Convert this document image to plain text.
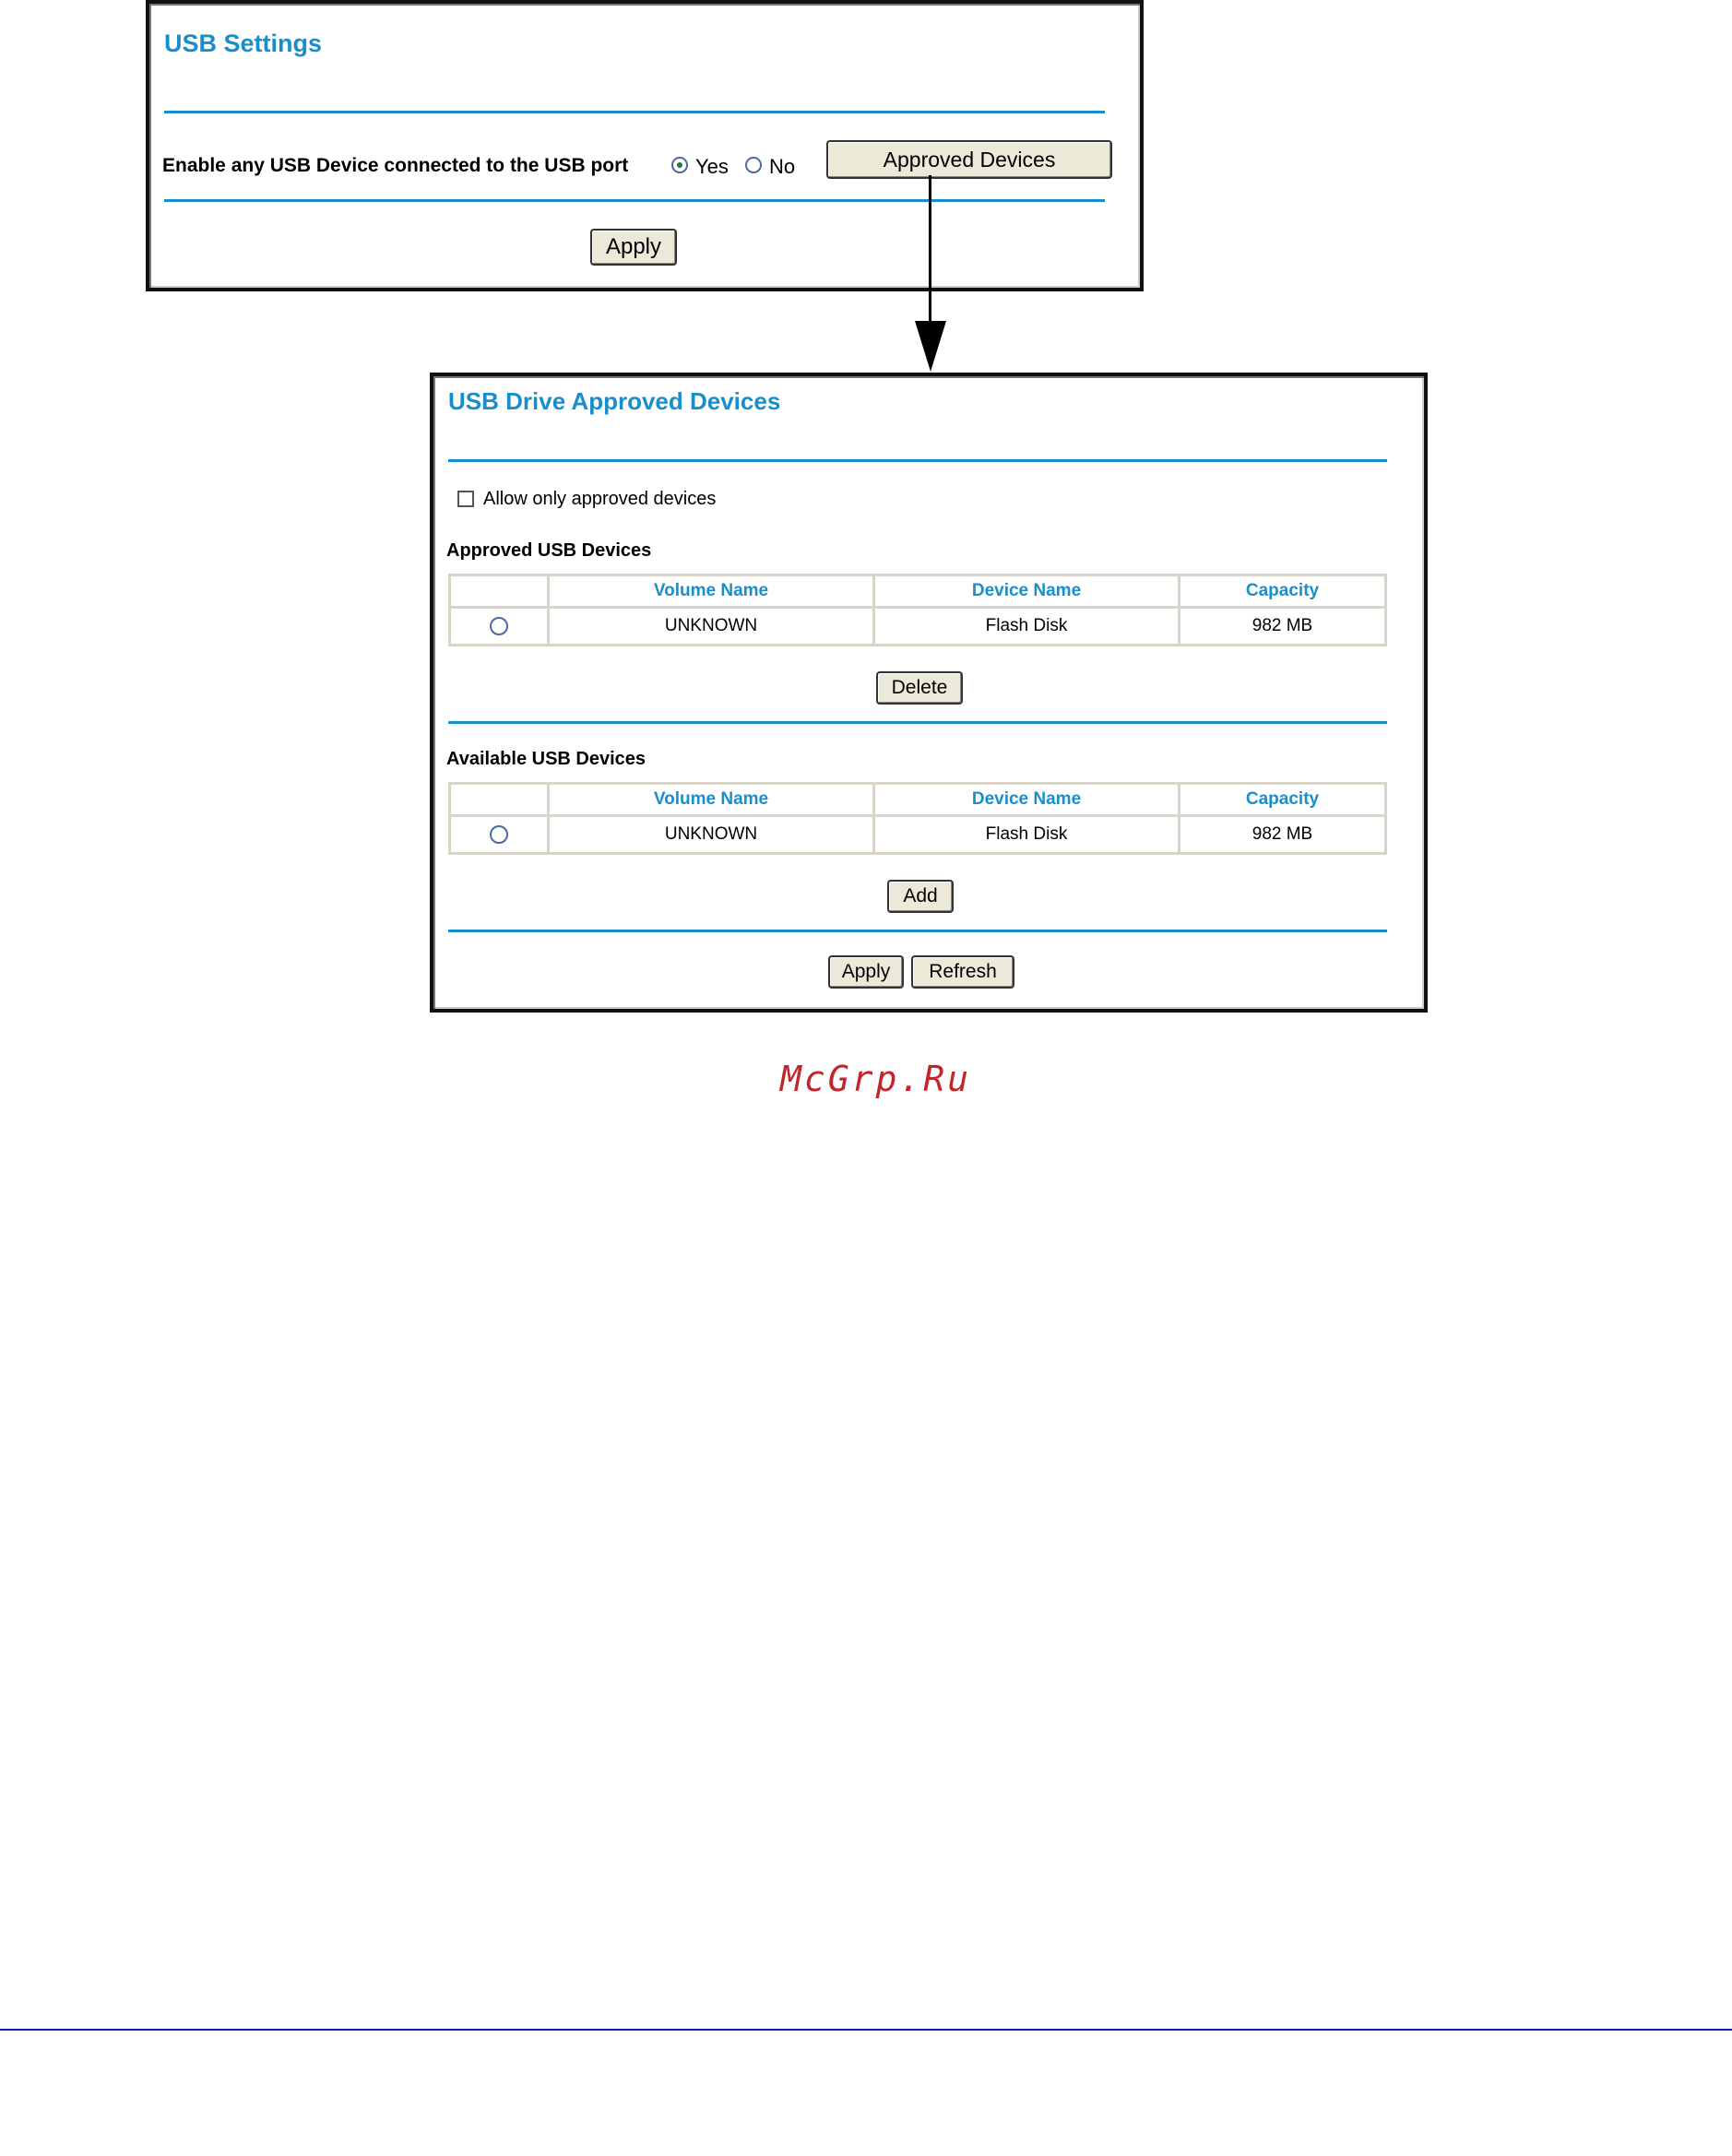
USB Settings
Enable any USB Device connected to the USB port	Yes No	Approved Devices
Apply
USB Drive Approved Devices
Allow only approved devices
Approved USB Devices
	Volume Name	Device Name	Capacity
	UNKNOWN	Flash Disk	982 MB
Delete
Available USB Devices
	Volume Name	Device Name	Capacity
	UNKNOWN	Flash Disk	982 MB
Add
Apply	Refresh
McGrp.Ru
